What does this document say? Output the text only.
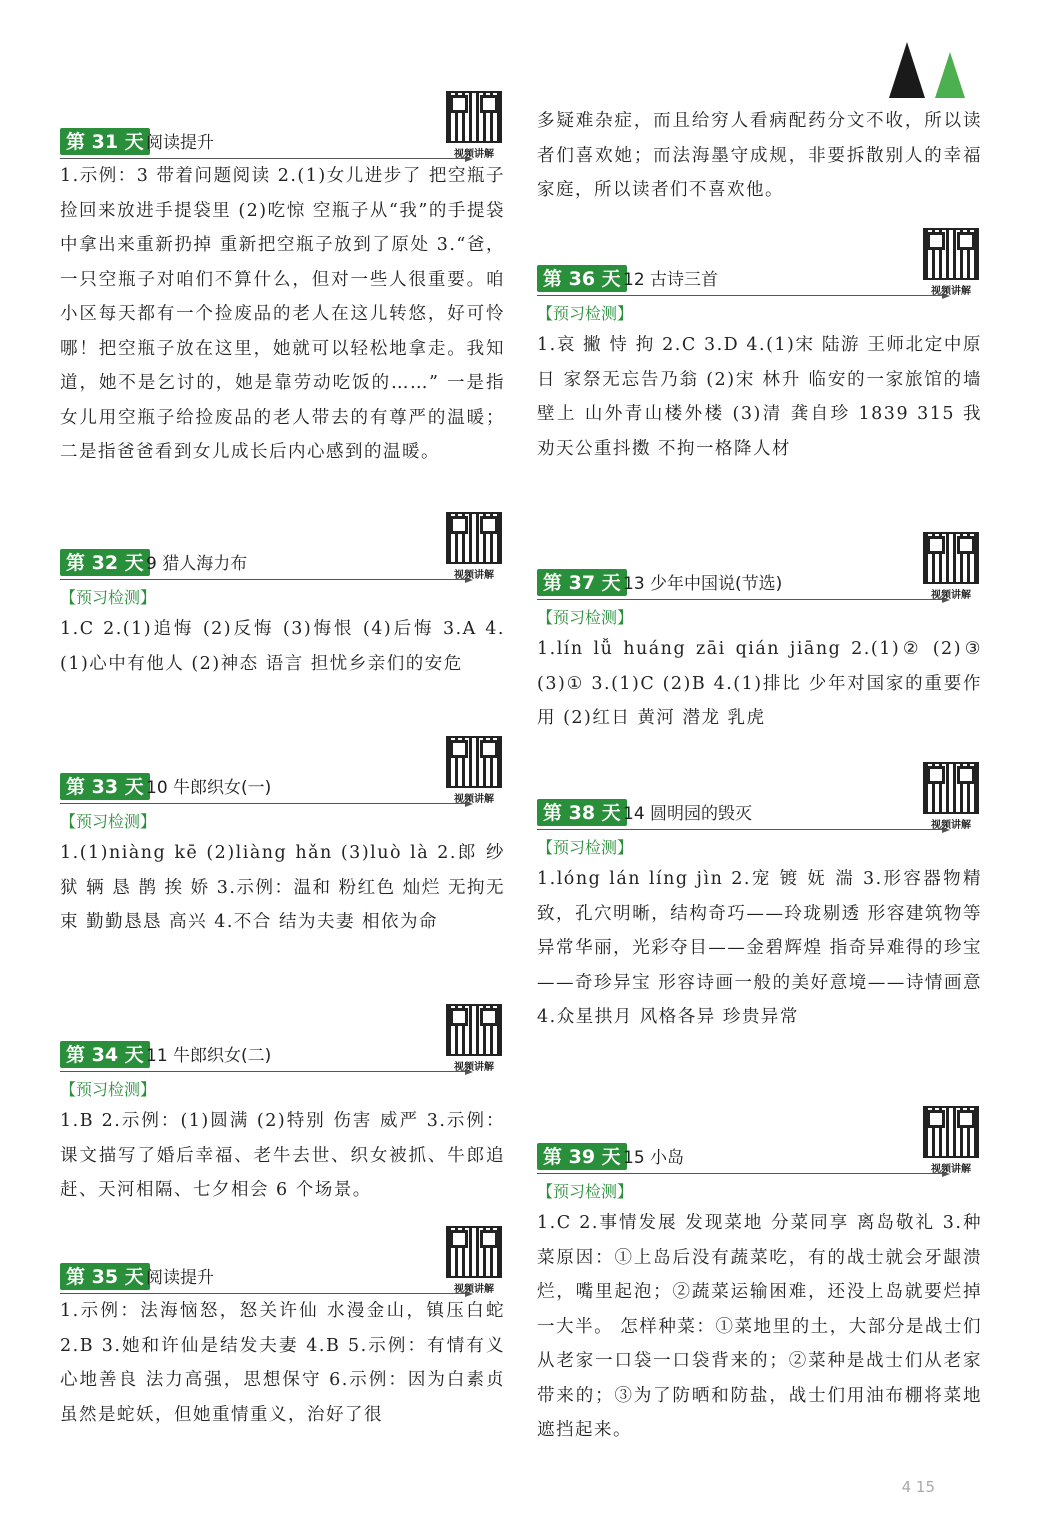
第 31 天 阅读提升
视频讲解
1.示例：3 带着问题阅读 2.(1)女儿进步了 把空瓶子捡回来放进手提袋里 (2)吃惊 空瓶子从“我”的手提袋中拿出来重新扔掉 重新把空瓶子放到了原处 3.“爸，一只空瓶子对咱们不算什么，但对一些人很重要。咱小区每天都有一个捡废品的老人在这儿转悠，好可怜哪！把空瓶子放在这里，她就可以轻松地拿走。我知道，她不是乞讨的，她是靠劳动吃饭的……” 一是指女儿用空瓶子给捡废品的老人带去的有尊严的温暖；二是指爸爸看到女儿成长后内心感到的温暖。
第 32 天 9 猎人海力布
视频讲解
【预习检测】
1.C 2.(1)追悔 (2)反悔 (3)悔恨 (4)后悔 3.A 4.(1)心中有他人 (2)神态 语言 担忧乡亲们的安危
第 33 天 10 牛郎织女(一)
视频讲解
【预习检测】
1.(1)niàng kē (2)liàng hǎn (3)luò là 2.郎 纱 狱 辆 恳 鹊 挨 娇 3.示例：温和 粉红色 灿烂 无拘无束 勤勤恳恳 高兴 4.不合 结为夫妻 相依为命
第 34 天 11 牛郎织女(二)
视频讲解
【预习检测】
1.B 2.示例：(1)圆满 (2)特别 伤害 威严 3.示例：课文描写了婚后幸福、老牛去世、织女被抓、牛郎追赶、天河相隔、七夕相会 6 个场景。
第 35 天 阅读提升
视频讲解
1.示例：法海恼怒，怒关许仙 水漫金山，镇压白蛇 2.B 3.她和许仙是结发夫妻 4.B 5.示例：有情有义 心地善良 法力高强，思想保守 6.示例：因为白素贞虽然是蛇妖，但她重情重义，治好了很
多疑难杂症，而且给穷人看病配药分文不收，所以读者们喜欢她；而法海墨守成规，非要拆散别人的幸福家庭，所以读者们不喜欢他。
第 36 天 12 古诗三首
视频讲解
【预习检测】
1.哀 撇 恃 拘 2.C 3.D 4.(1)宋 陆游 王师北定中原日 家祭无忘告乃翁 (2)宋 林升 临安的一家旅馆的墙壁上 山外青山楼外楼 (3)清 龚自珍 1839 315 我劝天公重抖擞 不拘一格降人材
第 37 天 13 少年中国说(节选)
视频讲解
【预习检测】
1.lín lǚ huáng zāi qián jiāng 2.(1)② (2)③ (3)① 3.(1)C (2)B 4.(1)排比 少年对国家的重要作用 (2)红日 黄河 潜龙 乳虎
第 38 天 14 圆明园的毁灭
视频讲解
【预习检测】
1.lóng lán líng jìn 2.宠 镀 妩 湍 3.形容器物精致，孔穴明晰，结构奇巧——玲珑剔透 形容建筑物等异常华丽，光彩夺目——金碧辉煌 指奇异难得的珍宝——奇珍异宝 形容诗画一般的美好意境——诗情画意 4.众星拱月 风格各异 珍贵异常
第 39 天 15 小岛
视频讲解
【预习检测】
1.C 2.事情发展 发现菜地 分菜同享 离岛敬礼 3.种菜原因：①上岛后没有蔬菜吃，有的战士就会牙龈溃烂，嘴里起泡；②蔬菜运输困难，还没上岛就要烂掉一大半。 怎样种菜：①菜地里的土，大部分是战士们从老家一口袋一口袋背来的；②菜种是战士们从老家带来的；③为了防晒和防盐，战士们用油布棚将菜地遮挡起来。
4 15
